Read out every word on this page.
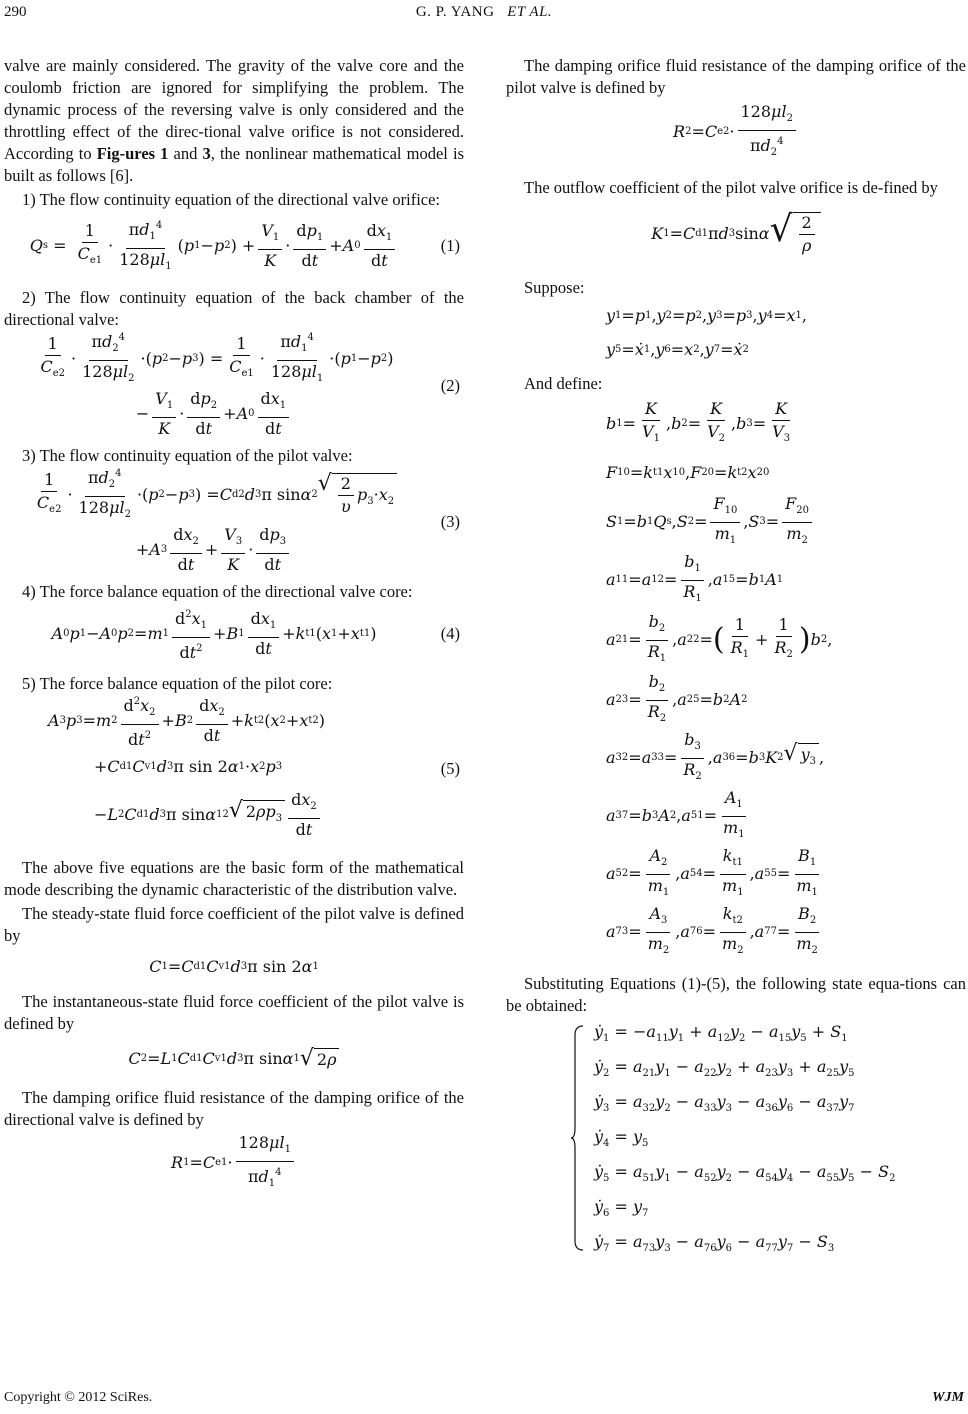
290	G. P. YANG ET AL.

valve are mainly considered. The gravity of the valve core and the coulomb friction are ignored for simplifying the problem. The dynamic process of the reversing valve is only considered and the throttling effect of the direc-tional valve orifice is not considered. According to Fig-ures 1 and 3, the nonlinear mathematical model is built as follows [6].

1) The flow continuity equation of the directional valve orifice:

Q $s = \frac{1}{C_{e1}} \cdot \frac{\pi d_1^4}{128\mu l_1}$ ( p 1 − p 2 ) + $\frac{V_1}{K} \cdot \frac{dp_1}{dt} + A$ $0 \frac{dx_1}{dt}$	(1)

2) The flow continuity equation of the back chamber of the directional valve:

$\frac{1}{C_{e2}} \cdot \frac{\pi d_2^4}{128\mu l_2}$ ·( p 2 − p 3 ) = $\frac{1}{C_{e1}} \cdot \frac{\pi d_1^4}{128\mu l_1}$ ·( p 1 − p 2 )
− $\frac{V_1}{K} \cdot \frac{dp_2}{dt} + A$ $0 \frac{dx_1}{dt}$
(2)

3) The flow continuity equation of the pilot valve:

$\frac{1}{C_{e2}} \cdot \frac{\pi d_2^4}{128\mu l_2}$ ·( p 2 − p 3 ) = C d2 d 3 π sin α 2 √ $\frac{2}{\upsilon} p_3\cdot x_2$
+ A $3 \frac{dx_2}{dt} + \frac{V_3}{K} \cdot \frac{dp_3}{dt}$
(3)

4) The force balance equation of the directional valve core:

A 0 p 1 − A 0 p 2 = m $1 \frac{d^2x_1}{dt^2} + B$ $1 \frac{dx_1}{dt} + k$ t1 ( x 1 + x t1 )	(4)

5) The force balance equation of the pilot core:

A 3 p 3 = m $2 \frac{d^2x_2}{dt^2} + B$ $2 \frac{dx_2}{dt} + k$ t2 ( x 2 + x t2 )
+ C d1 C v1 d 3 π sin 2 α 1 · x 2 p 3
− L 2 C d1 d 3 π sin α 12 √ $2\rho p_3 \frac{dx_2}{dt}$
(5)

The above five equations are the basic form of the mathematical mode describing the dynamic characteristic of the distribution valve.

The steady-state fluid force coefficient of the pilot valve is defined by

C 1 = C d1 C v1 d 3 π sin 2 α 1

The instantaneous-state fluid force coefficient of the pilot valve is defined by

C 2 = L 1 C d1 C v1 d 3 π sin α 1 √ 2ρ

The damping orifice fluid resistance of the damping orifice of the directional valve is defined by

R 1 = C $e1 \cdot \frac{128\mu l_1}{\pi d_1^4}$

The damping orifice fluid resistance of the damping orifice of the pilot valve is defined by

R 2 = C $e2 \cdot \frac{128\mu l_2}{\pi d_2^4}$

The outflow coefficient of the pilot valve orifice is de-fined by

K 1 = C d1 π d 3 sin α √ $\frac{2}{\rho}$

Suppose:

y 1 = p 1 , y 2 = p 2 , y 3 = p 3 , y 4 = x 1 ,
y 5 = ẋ 1 , y 6 = x 2 , y 7 = ẋ 2

And define:

b $1 = \frac{K}{V_1}$ , b $2 = \frac{K}{V_2}$ , b $3 = \frac{K}{V_3}$
F 10 = k t1 x 10 , F 20 = k t2 x 20
S 1 = b 1 Q s , S $2 = \frac{F_{10}}{m_1}$ , S $3 = \frac{F_{20}}{m_2}$
a 11 = a $12 = \frac{b_1}{R_1}$ , a 15 = b 1 A 1
a $21 = \frac{b_2}{R_1}$ , a 22 = ( $\frac{1}{R_1} + \frac{1}{R_2}$ ) b 2 ,
a $23 = \frac{b_2}{R_2}$ , a 25 = b 2 A 2
a 32 = a $33 = \frac{b_3}{R_2}$ , a 36 = b 3 K 2 √ $y_3$ ,
a 37 = b 3 A 2 , a $51 = \frac{A_1}{m_1}$
a $52 = \frac{A_2}{m_1}$ , a $54 = \frac{k_{t1}}{m_1}$ , a $55 = \frac{B_1}{m_1}$
a $73 = \frac{A_3}{m_2}$ , a $76 = \frac{k_{t2}}{m_2}$ , a $77 = \frac{B_2}{m_2}$

Substituting Equations (1)-(5), the following state equa-tions can be obtained:

ẏ$_1$ = $-a_{11}y_1 + a_{12}y_2 - a_{15}y_5 + S_1$
ẏ$_2$ = $a_{21}y_1 - a_{22}y_2 + a_{23}y_3 + a_{25}y_5$
ẏ$_3$ = $a_{32}y_2 - a_{33}y_3 - a_{36}y_6 - a_{37}y_7$
ẏ$_4$ = $y_5$
ẏ$_5$ = $a_{51}y_1 - a_{52}y_2 - a_{54}y_4 - a_{55}y_5 - S_2$
ẏ$_6$ = $y_7$
ẏ$_7$ = $a_{73}y_3 - a_{76}y_6 - a_{77}y_7 - S_3$
Copyright © 2012 SciRes.	WJM
